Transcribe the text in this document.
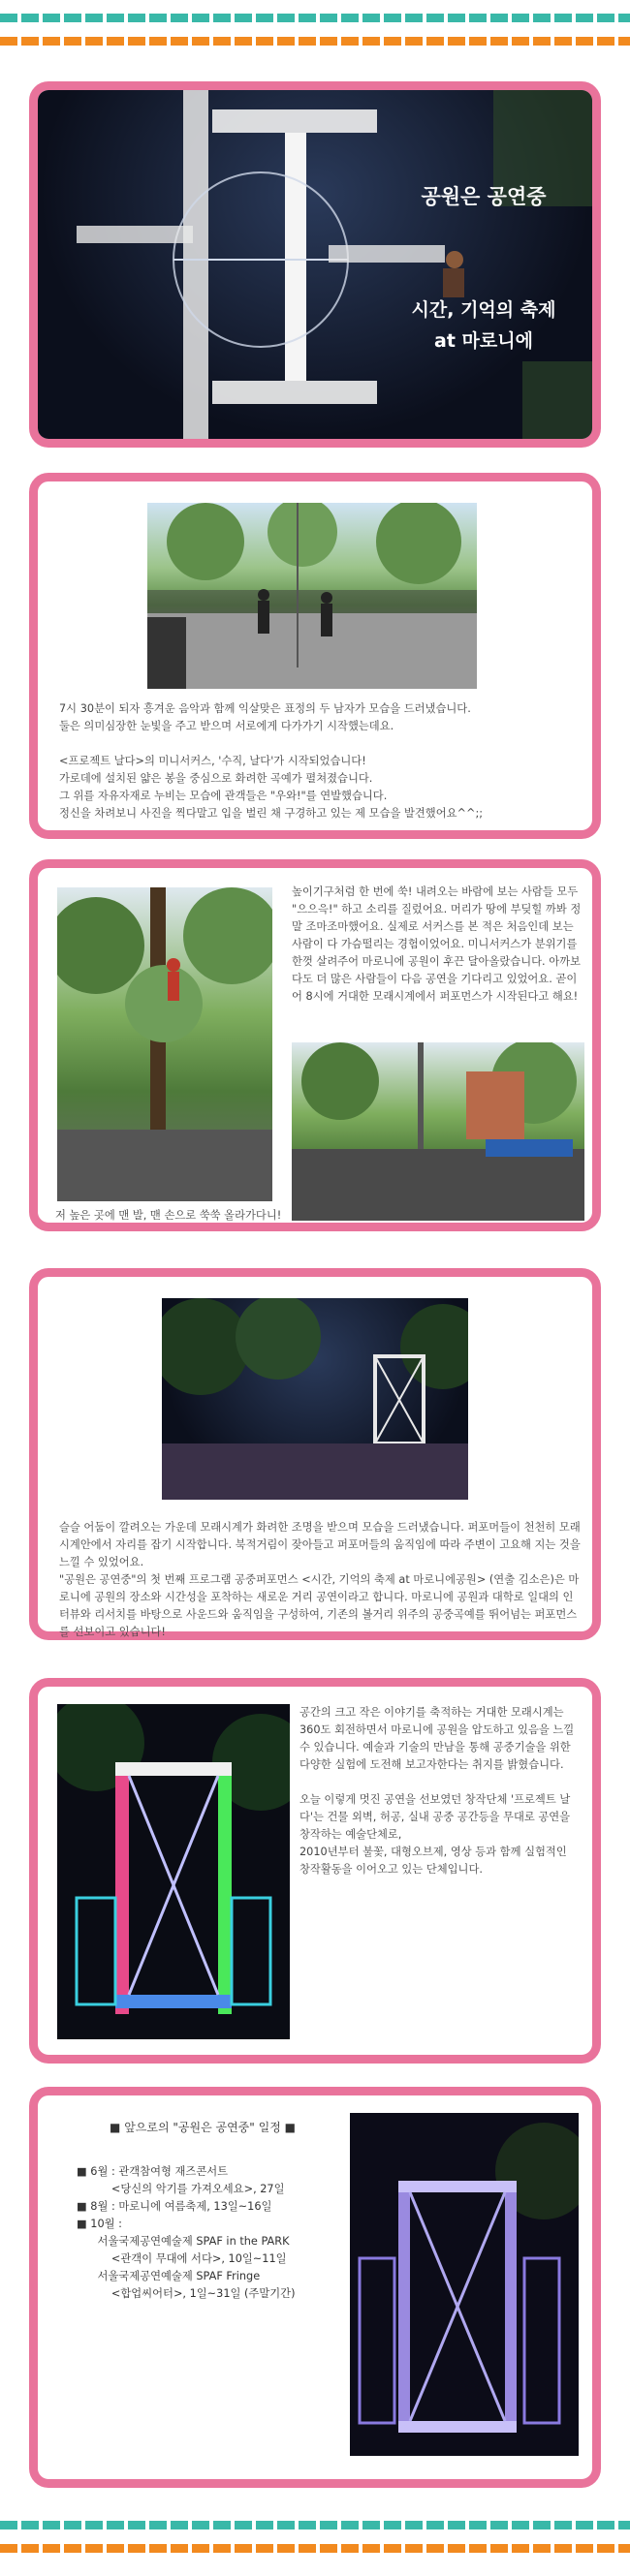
공원은 공연중
시간, 기억의 축제
at 마로니에
7시 30분이 되자 흥겨운 음악과 함께 익살맞은 표정의 두 남자가 모습을 드러냈습니다.
둘은 의미심장한 눈빛을 주고 받으며 서로에게 다가가기 시작했는데요.

<프로젝트 날다>의 미니서커스, '수직, 날다'가 시작되었습니다!
가로데에 설치된 얇은 봉을 중심으로 화려한 곡예가 펼쳐졌습니다.
그 위를 자유자재로 누비는 모습에 관객들은 "우와!"를 연발했습니다.
정신을 차려보니 사진을 찍다말고 입을 벌린 채 구경하고 있는 제 모습을 발견했어요^^;;
저 높은 곳에 맨 발, 맨 손으로 쑥쑥 올라가다니!
높이기구처럼 한 번에 쑥! 내려오는 바람에 보는 사람들 모두 "으으윽!" 하고 소리를 질렀어요. 머리가 땅에 부딪힐 까봐 정말 조마조마했어요. 실제로 서커스를 본 적은 처음인데 보는사람이 다 가슴떨리는 경험이었어요. 미니서커스가 분위기를 한껏 살려주어 마로니에 공원이 후끈 달아올랐습니다. 아까보다도 더 많은 사람들이 다음 공연을 기다리고 있었어요. 곧이어 8시에 거대한 모래시계에서 퍼포먼스가 시작된다고 해요!
슬슬 어둠이 깔려오는 가운데 모래시계가 화려한 조명을 받으며 모습을 드러냈습니다. 퍼포머들이 천천히 모래시계안에서 자리를 잡기 시작합니다. 북적거림이 잦아들고 퍼포머들의 움직임에 따라 주변이 고요해 지는 것을 느낄 수 있었어요.
"공원은 공연중"의 첫 번째 프로그램 공중퍼포먼스 <시간, 기억의 축제 at 마로니에공원> (연출 김소은)은 마로니에 공원의 장소와 시간성을 포착하는 새로운 거리 공연이라고 합니다. 마로니에 공원과 대학로 일대의 인터뷰와 리서치를 바탕으로 사운드와 움직임을 구성하여, 기존의 볼거리 위주의 공중곡예를 뛰어넘는 퍼포먼스를 선보이고 있습니다!
공간의 크고 작은 이야기를 축적하는 거대한 모래시계는 360도 회전하면서 마로니에 공원을 압도하고 있음을 느낄 수 있습니다. 예술과 기술의 만남을 통해 공중기술을 위한 다양한 실험에 도전해 보고자한다는 취지를 밝혔습니다.

오늘 이렇게 멋진 공연을 선보였던 창작단체 '프로젝트 날다'는 건물 외벽, 허공, 실내 공중 공간등을 무대로 공연을 창작하는 예술단체로,
2010년부터 불꽃, 대형오브제, 영상 등과 함께 실험적인 창작활동을 이어오고 있는 단체입니다.
■ 앞으로의 "공원은 공연중" 일정 ■
■ 6월 : 관객참여형 재즈콘서트
<당신의 악기를 가져오세요>, 27일
■ 8월 : 마로니에 여름축제, 13일~16일
■ 10월 :
서울국제공연예술제 SPAF in the PARK
<관객이 무대에 서다>, 10일~11일
서울국제공연예술제 SPAF Fringe
<합업씨어터>, 1일~31일 (주말기간)
